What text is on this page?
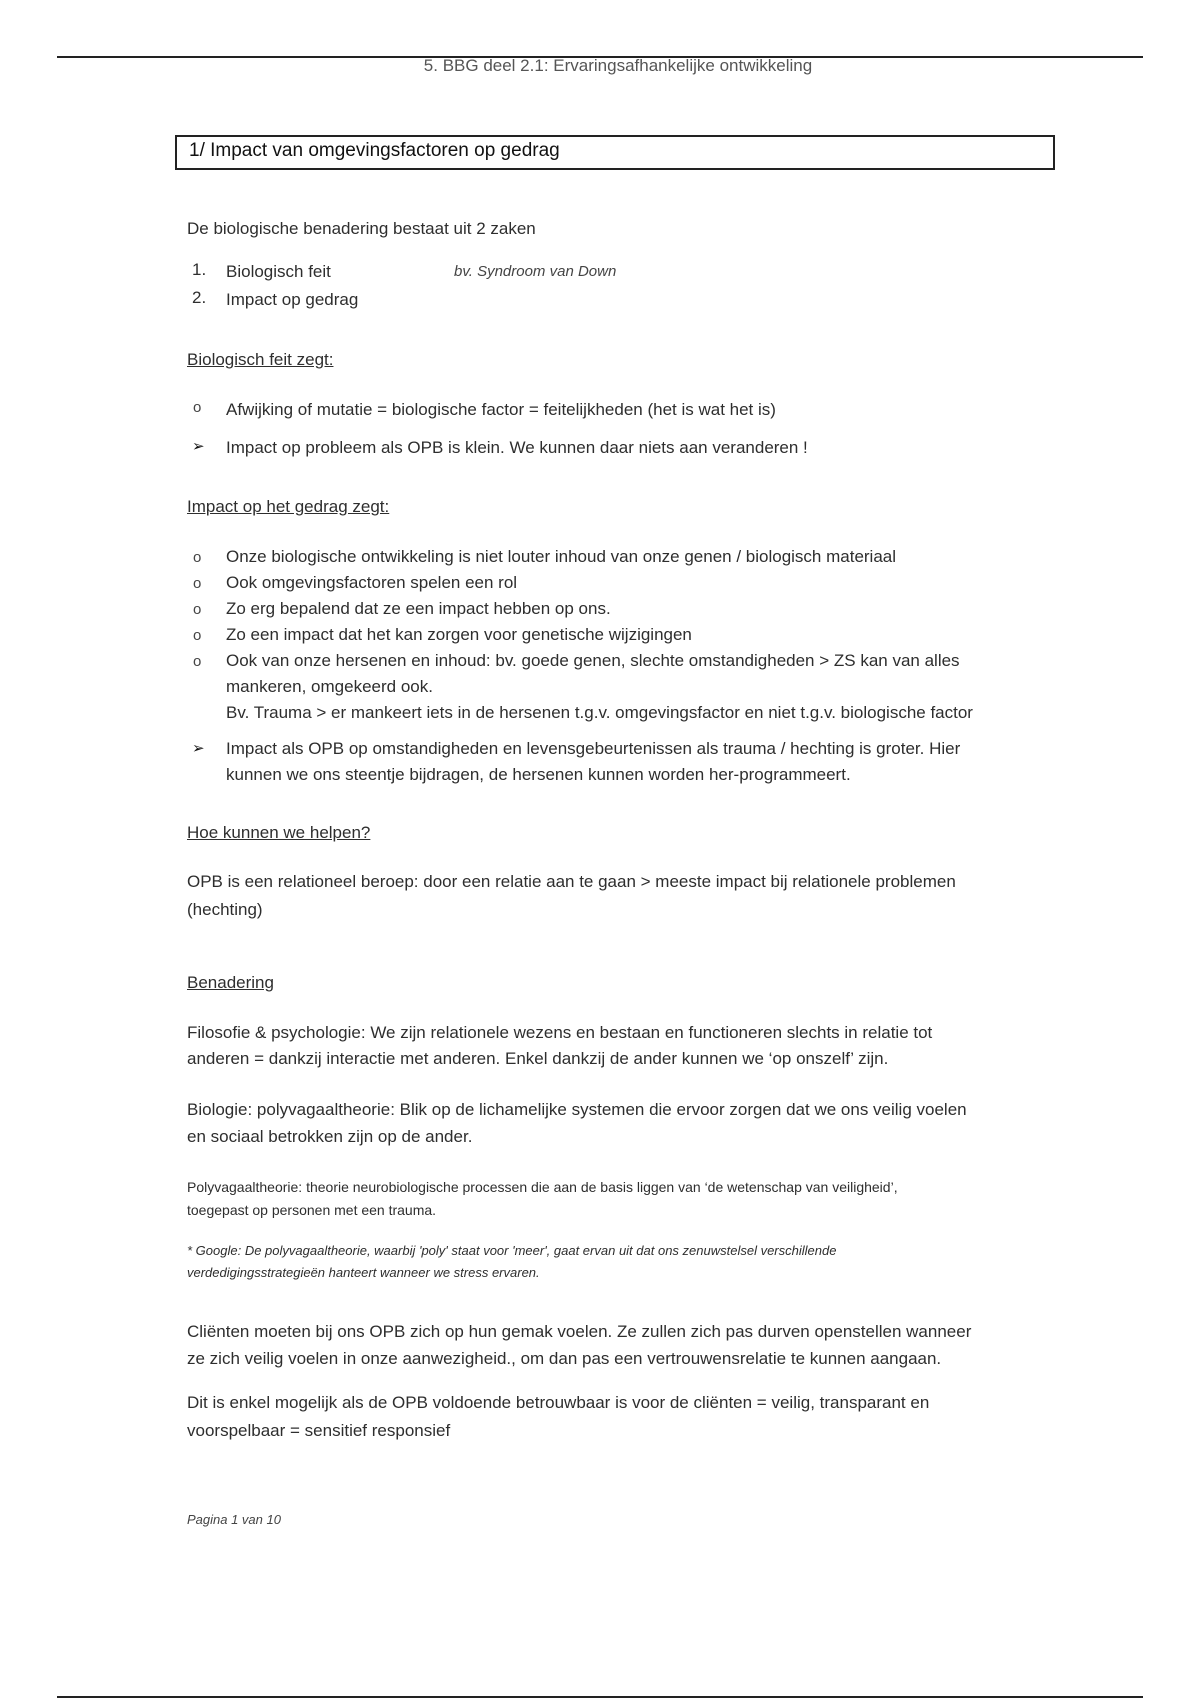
5. BBG deel 2.1: Ervaringsafhankelijke ontwikkeling
1/ Impact van omgevingsfactoren op gedrag
De biologische benadering bestaat uit 2 zaken
1. Biologisch feit	bv. Syndroom van Down
2. Impact op gedrag
Biologisch feit zegt:
o Afwijking of mutatie = biologische factor = feitelijkheden (het is wat het is)
➢ Impact op probleem als OPB is klein. We kunnen daar niets aan veranderen !
Impact op het gedrag zegt:
o Onze biologische ontwikkeling is niet louter inhoud van onze genen / biologisch materiaal
o Ook omgevingsfactoren spelen een rol
o Zo erg bepalend dat ze een impact hebben op ons.
o Zo een impact dat het kan zorgen voor genetische wijzigingen
o Ook van onze hersenen en inhoud: bv. goede genen, slechte omstandigheden > ZS kan van alles
mankeren, omgekeerd ook.
Bv. Trauma > er mankeert iets in de hersenen t.g.v. omgevingsfactor en niet t.g.v. biologische factor
➢ Impact als OPB op omstandigheden en levensgebeurtenissen als trauma / hechting is groter. Hier
kunnen we ons steentje bijdragen, de hersenen kunnen worden her-programmeert.
Hoe kunnen we helpen?
OPB is een relationeel beroep: door een relatie aan te gaan > meeste impact bij relationele problemen
(hechting)
Benadering
Filosofie & psychologie: We zijn relationele wezens en bestaan en functioneren slechts in relatie tot
anderen = dankzij interactie met anderen. Enkel dankzij de ander kunnen we ‘op onszelf’ zijn.
Biologie: polyvagaaltheorie: Blik op de lichamelijke systemen die ervoor zorgen dat we ons veilig voelen
en sociaal betrokken zijn op de ander.
Polyvagaaltheorie: theorie neurobiologische processen die aan de basis liggen van ‘de wetenschap van veiligheid’,
toegepast op personen met een trauma.
* Google: De polyvagaaltheorie, waarbij 'poly' staat voor 'meer', gaat ervan uit dat ons zenuwstelsel verschillende
verdedigingsstrategieën hanteert wanneer we stress ervaren.
Cliënten moeten bij ons OPB zich op hun gemak voelen. Ze zullen zich pas durven openstellen wanneer
ze zich veilig voelen in onze aanwezigheid., om dan pas een vertrouwensrelatie te kunnen aangaan.
Dit is enkel mogelijk als de OPB voldoende betrouwbaar is voor de cliënten = veilig, transparant en
voorspelbaar = sensitief responsief
Pagina 1 van 10
